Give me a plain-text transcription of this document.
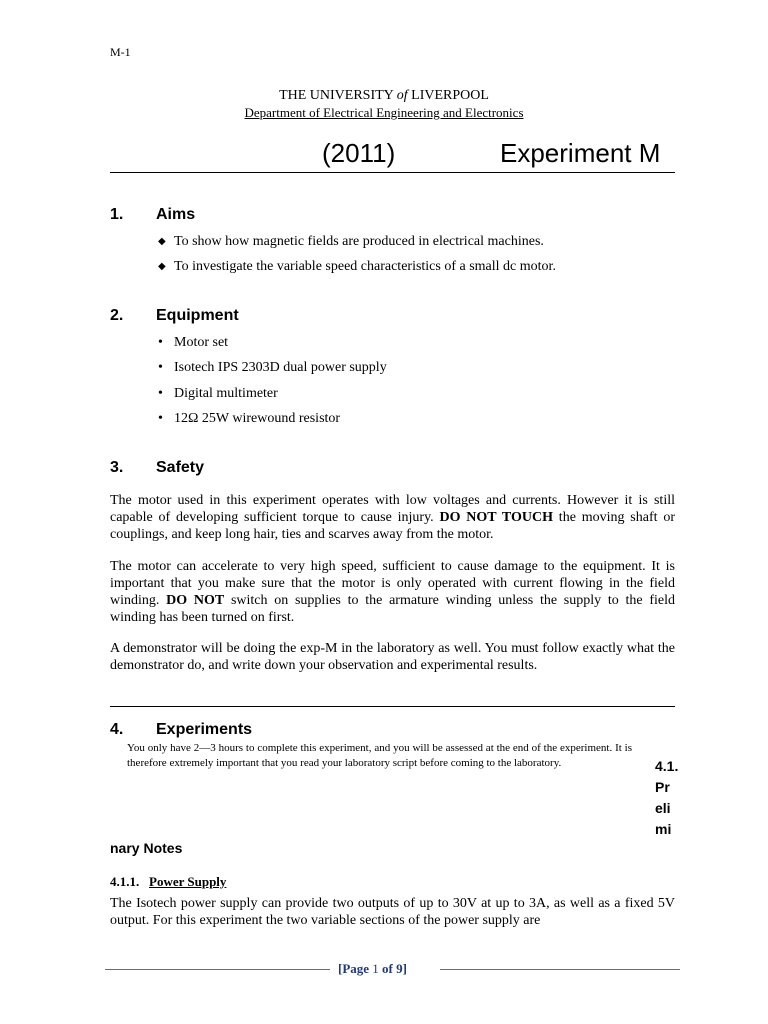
M-1
THE UNIVERSITY of LIVERPOOL
Department of Electrical Engineering and Electronics
(2011)	Experiment M
1. Aims
◆ To show how magnetic fields are produced in electrical machines.
◆ To investigate the variable speed characteristics of a small dc motor.
2. Equipment
• Motor set
• Isotech IPS 2303D dual power supply
• Digital multimeter
• 12Ω 25W wirewound resistor
3. Safety
The motor used in this experiment operates with low voltages and currents. However it is still capable of developing sufficient torque to cause injury. DO NOT TOUCH the moving shaft or couplings, and keep long hair, ties and scarves away from the motor.
The motor can accelerate to very high speed, sufficient to cause damage to the equipment. It is important that you make sure that the motor is only operated with current flowing in the field winding. DO NOT switch on supplies to the armature winding unless the supply to the field winding has been turned on first.
A demonstrator will be doing the exp-M in the laboratory as well. You must follow exactly what the demonstrator do, and write down your observation and experimental results.
4. Experiments
You only have 2—3 hours to complete this experiment, and you will be assessed at the end of the experiment. It is therefore extremely important that you read your laboratory script before coming to the laboratory.	4.1.
Pr
eli
mi
nary Notes
4.1.1. Power Supply
The Isotech power supply can provide two outputs of up to 30V at up to 3A, as well as a fixed 5V output. For this experiment the two variable sections of the power supply are
[Page 1 of 9]
